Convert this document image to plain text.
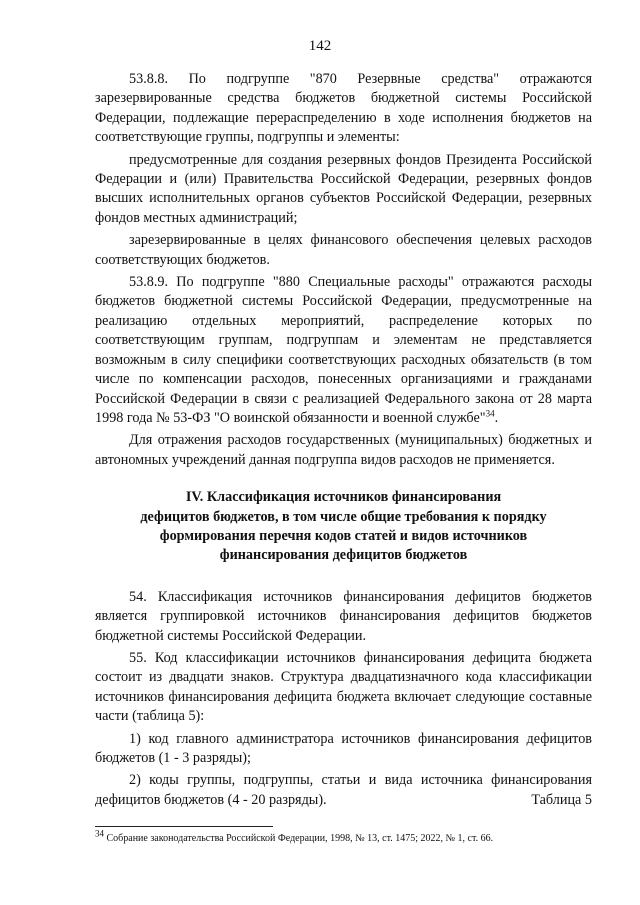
142

53.8.8. По подгруппе "870 Резервные средства" отражаются зарезервированные средства бюджетов бюджетной системы Российской Федерации, подлежащие перераспределению в ходе исполнения бюджетов на соответствующие группы, подгруппы и элементы:

предусмотренные для создания резервных фондов Президента Российской Федерации и (или) Правительства Российской Федерации, резервных фондов высших исполнительных органов субъектов Российской Федерации, резервных фондов местных администраций;

зарезервированные в целях финансового обеспечения целевых расходов соответствующих бюджетов.

53.8.9. По подгруппе "880 Специальные расходы" отражаются расходы бюджетов бюджетной системы Российской Федерации, предусмотренные на реализацию отдельных мероприятий, распределение которых по соответствующим группам, подгруппам и элементам не представляется возможным в силу специфики соответствующих расходных обязательств (в том числе по компенсации расходов, понесенных организациями и гражданами Российской Федерации в связи с реализацией Федерального закона от 28 марта 1998 года № 53-ФЗ "О воинской обязанности и военной службе"$^{34}$.

Для отражения расходов государственных (муниципальных) бюджетных и автономных учреждений данная подгруппа видов расходов не применяется.

IV. Классификация источников финансирования
дефицитов бюджетов, в том числе общие требования к порядку
формирования перечня кодов статей и видов источников
финансирования дефицитов бюджетов

54. Классификация источников финансирования дефицитов бюджетов является группировкой источников финансирования дефицитов бюджетов бюджетной системы Российской Федерации.

55. Код классификации источников финансирования дефицита бюджета состоит из двадцати знаков. Структура двадцатизначного кода классификации источников финансирования дефицита бюджета включает следующие составные части (таблица 5):

1) код главного администратора источников финансирования дефицитов бюджетов (1 - 3 разряды);

2) коды группы, подгруппы, статьи и вида источника финансирования дефицитов бюджетов (4 - 20 разряды).	Таблица 5
$^{34}$ Собрание законодательства Российской Федерации, 1998, № 13, ст. 1475; 2022, № 1, ст. 66.
